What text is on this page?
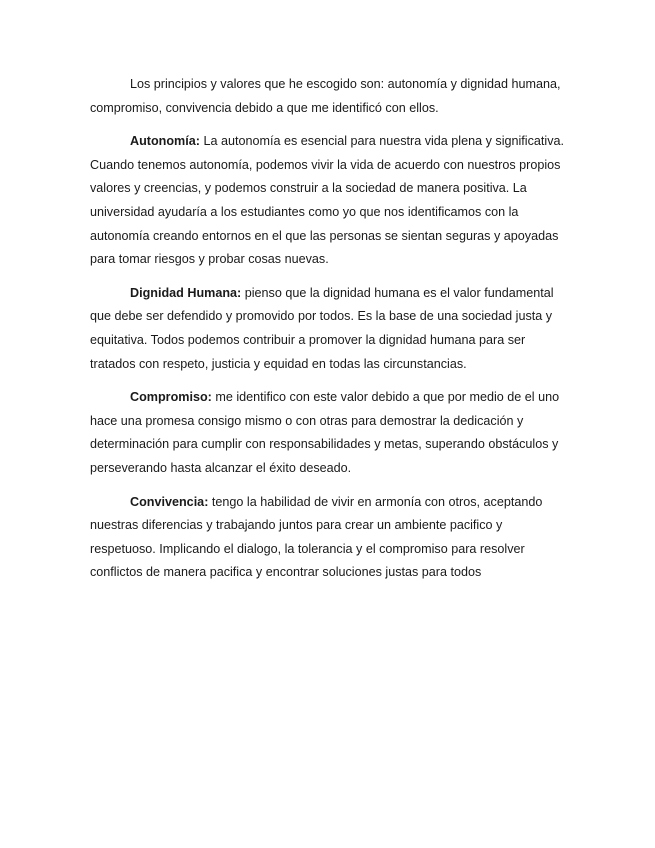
Los principios y valores que he escogido son: autonomía y dignidad humana, compromiso, convivencia debido a que me identificó con ellos.

Autonomía: La autonomía es esencial para nuestra vida plena y significativa. Cuando tenemos autonomía, podemos vivir la vida de acuerdo con nuestros propios valores y creencias, y podemos construir a la sociedad de manera positiva. La universidad ayudaría a los estudiantes como yo que nos identificamos con la autonomía creando entornos en el que las personas se sientan seguras y apoyadas para tomar riesgos y probar cosas nuevas.

Dignidad Humana: pienso que la dignidad humana es el valor fundamental que debe ser defendido y promovido por todos. Es la base de una sociedad justa y equitativa. Todos podemos contribuir a promover la dignidad humana para ser tratados con respeto, justicia y equidad en todas las circunstancias.

Compromiso: me identifico con este valor debido a que por medio de el uno hace una promesa consigo mismo o con otras para demostrar la dedicación y determinación para cumplir con responsabilidades y metas, superando obstáculos y perseverando hasta alcanzar el éxito deseado.

Convivencia: tengo la habilidad de vivir en armonía con otros, aceptando nuestras diferencias y trabajando juntos para crear un ambiente pacifico y respetuoso. Implicando el dialogo, la tolerancia y el compromiso para resolver conflictos de manera pacifica y encontrar soluciones justas para todos
